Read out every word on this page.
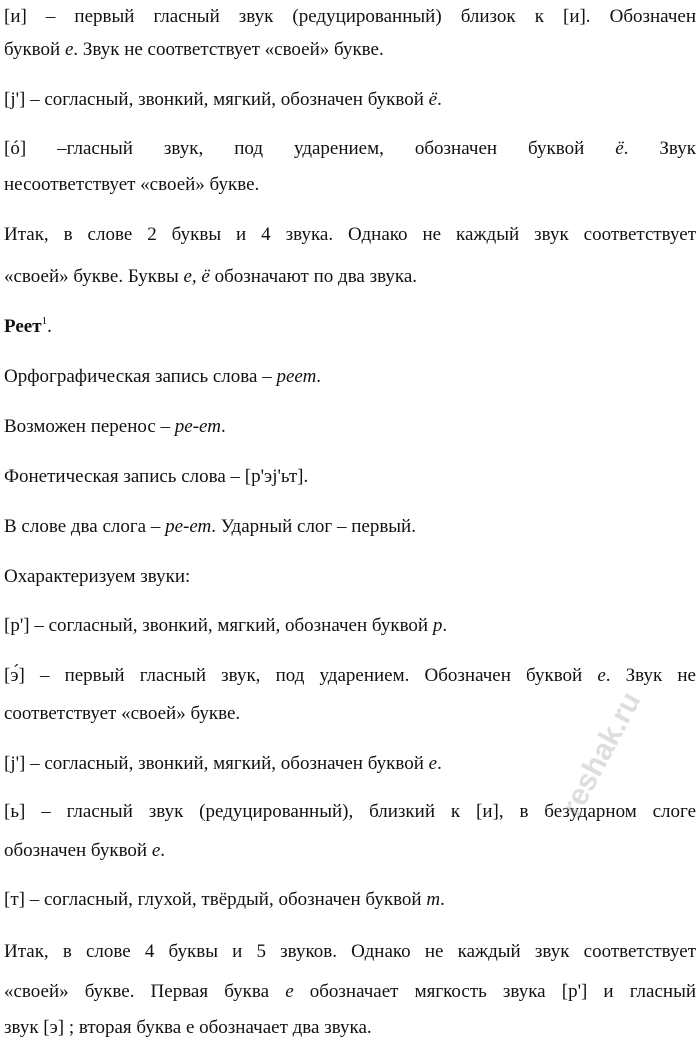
[и] – первый гласный звук (редуцированный) близок к [и]. Обозначен
буквой е. Звук не соответствует «своей» букве.
[j'] – согласный, звонкий, мягкий, обозначен буквой ё.
[ó] –гласный звук, под ударением, обозначен буквой ё. Звук
несоответствует «своей» букве.
Итак, в слове 2 буквы и 4 звука. Однако не каждый звук соответствует
«своей» букве. Буквы е, ё обозначают по два звука.
Реет$^1$.
Орфографическая запись слова – реет.
Возможен перенос – ре-ет.
Фонетическая запись слова – [р'эj'ьт].
В слове два слога – ре-ет. Ударный слог – первый.
Охарактеризуем звуки:
[р'] – согласный, звонкий, мягкий, обозначен буквой р.
[э́] – первый гласный звук, под ударением. Обозначен буквой е. Звук не
соответствует «своей» букве.
[j'] – согласный, звонкий, мягкий, обозначен буквой е.
[ь] – гласный звук (редуцированный), близкий к [и], в безударном слоге
обозначен буквой е.
[т] – согласный, глухой, твёрдый, обозначен буквой т.
Итак, в слове 4 буквы и 5 звуков. Однако не каждый звук соответствует
«своей» букве. Первая буква е обозначает мягкость звука [р'] и гласный
звук [э] ; вторая буква е обозначает два звука.
reshak.ru
